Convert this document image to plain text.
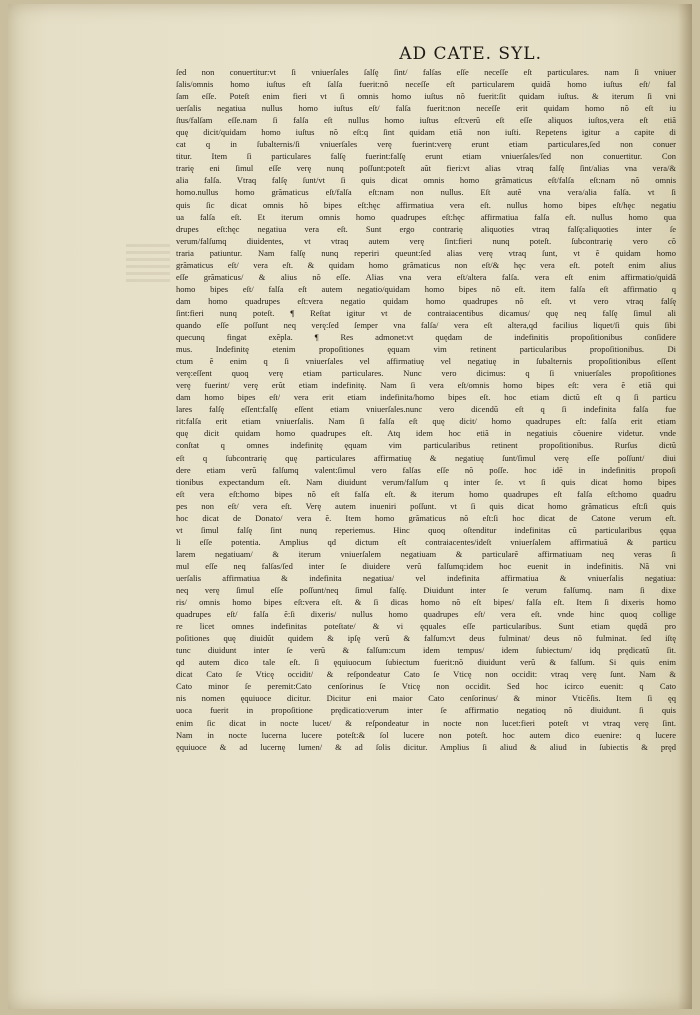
AD CATE. SYL.
ſed non conuertitur:vt ſi vniuerſales ſalſę ſint/ falſas eſſe neceſſe eſt particulares. nam ſi vniuer
ſalis/omnis homo iuſtus eſt ſalſa fuerit:nõ neceſſe eſt particularem quidã homo iuſtus eſt/ fal
ſam eſſe. Poteſt enim fieri vt ſi omnis homo iuſtus nõ fuerit:ſit quidam iuſtus. & iterum ſi vni
uerſalis negatiua nullus homo iuſtus eſt/ falſa fuerit:non neceſſe erit quidam homo nõ eſt iu
ſtus/falſam eſſe.nam ſi falſa eſt nullus homo iuſtus eſt:verũ eſt eſſe aliquos iuſtos,vera eſt etiã
quę dicit/quidam homo iuſtus nõ eſt:q ſint quidam etiã non iuſti. Repetens igitur a capite di
cat q in ſubalternis/ſi vniuerſales verę fuerint:verę erunt etiam particulares,ſed non conuer
titur. Item ſi particulares falſę fuerint:falſę erunt etiam vniuerſales/ſed non conuertitur. Con
trarię eni ſimul eſſe verę nunq poſſunt:poteſt aũt fieri:vt alias vtraq falſę ſint/alias vna vera/&
alia falſa. Vtraq falſę ſunt/vt ſi quis dicat omnis homo grãmaticus eſt/falſa eſt:nam nõ omnis
homo.nullus homo grãmaticus eſt/falſa eſt:nam non nullus. Eſt autẽ vna vera/alia falſa. vt ſi
quis ſic dicat omnis hõ bipes eſt:hęc affirmatiua vera eſt. nullus homo bipes eſt/hęc negatiu
ua falſa eſt. Et iterum omnis homo quadrupes eſt:hęc affirmatiua falſa eſt. nullus homo qua
drupes eſt:hęc negatiua vera eſt. Sunt ergo contrarię aliquoties vtraq falſę:aliquoties inter ſe
verum/falſumq diuidentes, vt vtraq autem verę ſint:fieri nunq poteſt. ſubcontrarię vero cõ
traria patiuntur. Nam falſę nunq reperiri queunt:ſed alias verę vtraq ſunt, vt ẽ quidam homo
grãmaticus eſt/ vera eſt. & quidam homo grãmaticus non eſt/& hęc vera eſt. poteſt enim alius
eſſe grãmaticus/ & alius nõ eſſe. Alias vna vera eſt/altera falſa. vera eſt enim affirmatio/quidã
homo bipes eſt/ falſa eſt autem negatio/quidam homo bipes nõ eſt. item falſa eſt affirmatio q
dam homo quadrupes eſt:vera negatio quidam homo quadrupes nõ eſt. vt vero vtraq falſę
ſint:fieri nunq poteſt. ¶ Reſtat igitur vt de contraiacentibus dicamus/ quę neq falſę ſimul ali
quando eſſe poſſunt neq verę:ſed ſemper vna falſa/ vera eſt altera,qd facilius liquet/ſi quis ſibi
quecunq fingat exẽpla. ¶ Res admonet:vt quędam de indefinitis propoſitionibus conſidere
mus. Indefinitę etenim propoſitiones ęquam vim retinent particularibus propoſitionibus. Di
ctum ẽ enim q ſi vniuerſales vel affirmatiuę vel negatiuę in ſubalternis propoſitionibus eſſent
verę:eſſent quoq verę etiam particulares. Nunc vero dicimus: q ſi vniuerſales propoſitiones
verę fuerint/ verę erũt etiam indefinitę. Nam ſi vera eſt/omnis homo bipes eſt: vera ẽ etiã qui
dam homo bipes eſt/ vera erit etiam indefinita/homo bipes eſt. hoc etiam dictũ eſt q ſi particu
lares falſę eſſent:falſę eſſent etiam vniuerſales.nunc vero dicendũ eſt q ſi indefinita falſa fue
rit:falſa erit etiam vniuerſalis. Nam ſi falſa eſt quę dicit/ homo quadrupes eſt: falſa erit etiam
quę dicit quidam homo quadrupes eſt. Atq idem hoc etiã in negatiuis cõuenire videtur. vnde
conſtat q omnes indefinitę ęquam vim particularibus retinent propoſitionibus. Rurſus dictũ
eſt q ſubcontrarię quę particulares affirmatiuę & negatiuę ſunt/ſimul verę eſſe poſſunt/ diui
dere etiam verũ falſumq valent:ſimul vero falſas eſſe nõ poſſe. hoc idẽ in indefinitis propoſi
tionibus expectandum eſt. Nam diuidunt verum/falſum q inter ſe. vt ſi quis dicat homo bipes
eſt vera eſt:homo bipes nõ eſt falſa eſt. & iterum homo quadrupes eſt falſa eſt:homo quadru
pes non eſt/ vera eſt. Verę autem inueniri poſſunt. vt ſi quis dicat homo grãmaticus eſt:ſi quis
hoc dicat de Donato/ vera ẽ. Item homo grãmaticus nõ eſt:ſi hoc dicat de Catone verum eſt.
vt ſimul falſę ſint nunq reperiemus. Hinc quoq oſtenditur indefinitas cũ particularibus ęqua
li eſſe potentia. Amplius qd dictum eſt contraiacentes/ideſt vniuerſalem affirmatiuã & particu
larem negatiuam/ & iterum vniuerſalem negatiuam & particularẽ affirmatiuam neq veras ſi
mul eſſe neq falſas/ſed inter ſe diuidere verũ falſumq:idem hoc euenit in indefinitis. Nã vni
uerſalis affirmatiua & indefinita negatiua/ vel indefinita affirmatiua & vniuerſalis negatiua:
neq verę ſimul eſſe poſſunt/neq ſimul falſę. Diuidunt inter ſe verum falſumq. nam ſi dixe
ris/ omnis homo bipes eſt:vera eſt. & ſi dicas homo nõ eſt bipes/ falſa eſt. Item ſi dixeris homo
quadrupes eſt/ falſa ẽ:ſi dixeris/ nullus homo quadrupes eſt/ vera eſt. vnde hinc quoq collige
re licet omnes indefinitas poteſtate/ & vi ęquales eſſe particularibus. Sunt etiam quędã pro
poſitiones quę diuidũt quidem & ipſę verũ & falſum:vt deus fulminat/ deus nõ fulminat. ſed iſtę
tunc diuidunt inter ſe verũ & falſum:cum idem tempus/ idem ſubiectum/ idq prędicatũ ſit.
qd autem dico tale eſt. ſi ęquiuocum ſubiectum fuerit:nõ diuidunt verũ & falſum. Si quis enim
dicat Cato ſe Vticę occidit/ & reſpondeatur Cato ſe Vticę non occidit: vtraq verę ſunt. Nam &
Cato minor ſe peremit:Cato cenſorinus ſe Vticę non occidit. Sed hoc icirco euenit: q Cato
nis nomen ęquiuoce dicitur. Dicitur eni maior Cato cenſorinus/ & minor Vticẽſis. Item ſi ęq
uoca fuerit in propoſitione prędicatio:verum inter ſe affirmatio negatioq nõ diuidunt. ſi quis
enim ſic dicat in nocte lucet/ & reſpondeatur in nocte non lucet:fieri poteſt vt vtraq verę ſint.
Nam in nocte lucerna lucere poteſt:& ſol lucere non poteſt. hoc autem dico euenire: q lucere
ęquiuoce & ad lucernę lumen/ & ad ſolis dicitur. Amplius ſi aliud & aliud in ſubiectis & pręd
